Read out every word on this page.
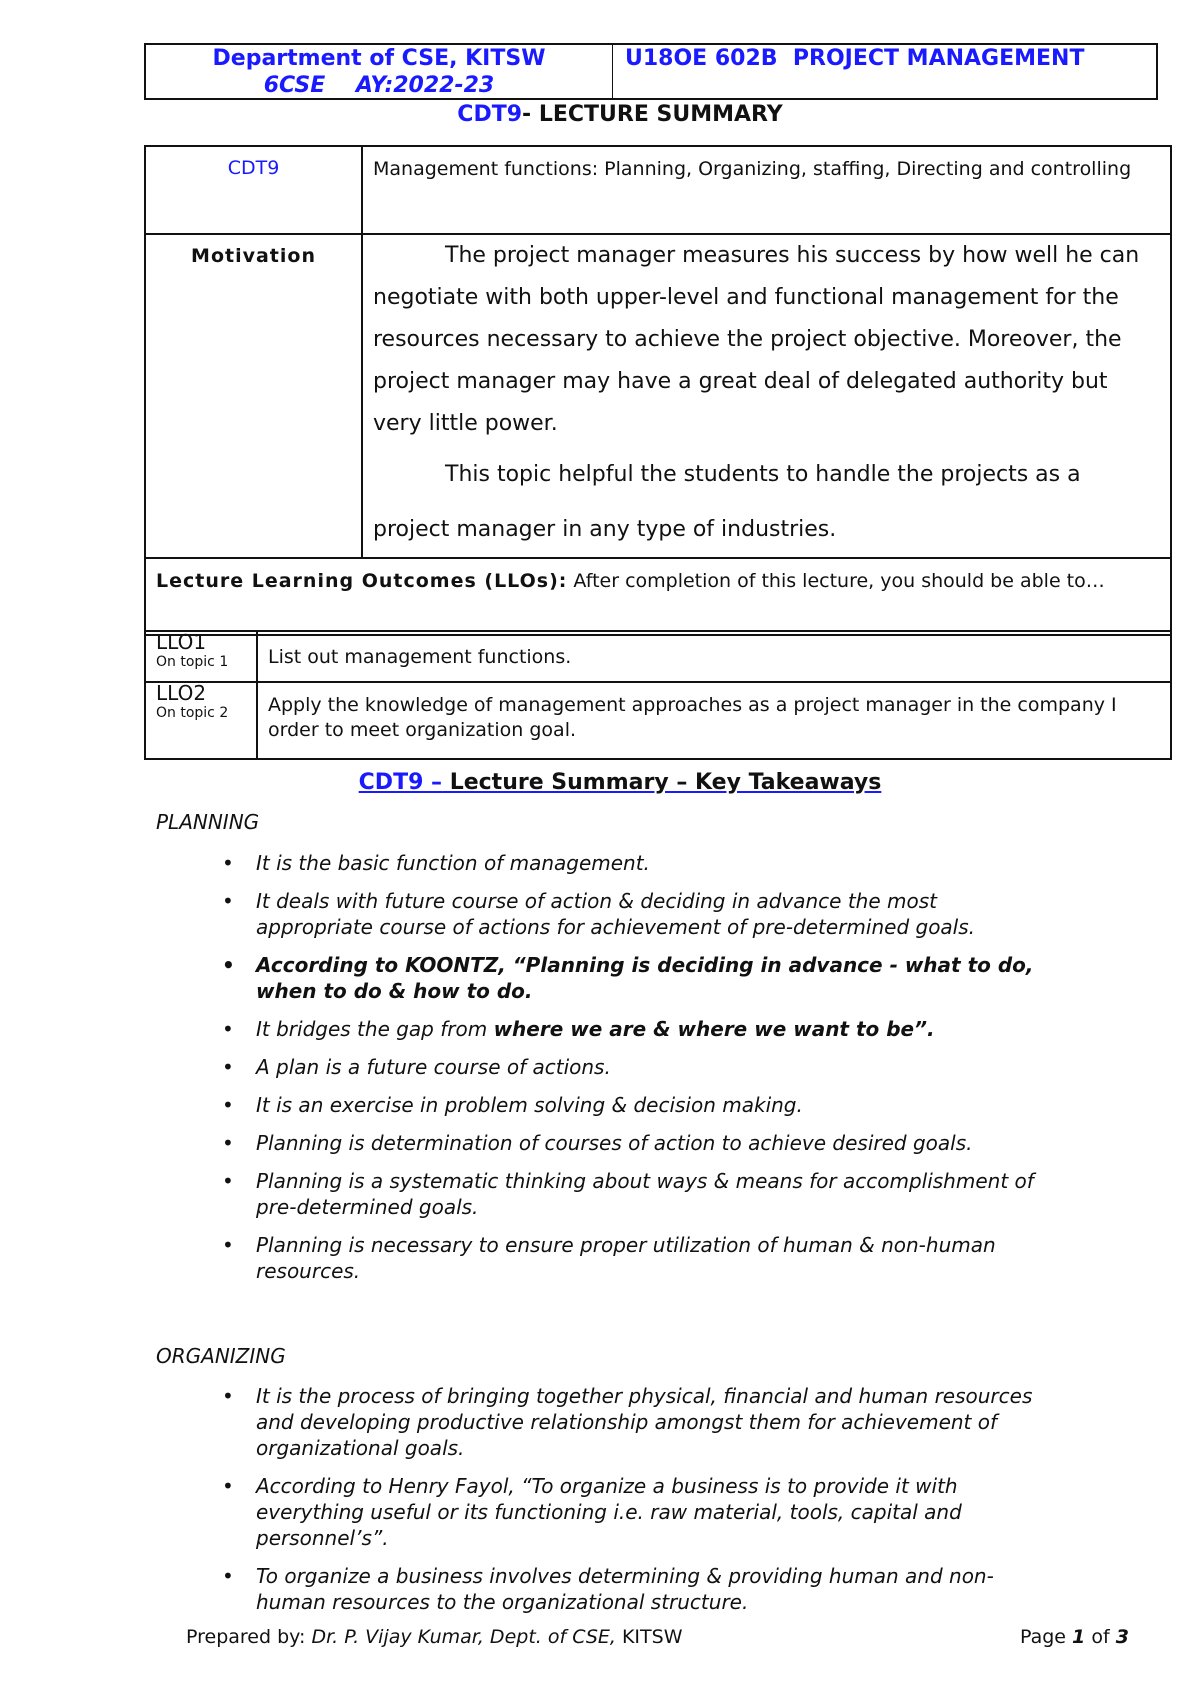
Department of CSE, KITSW
6CSE    AY:2022-23
U18OE 602B  PROJECT MANAGEMENT
CDT9- LECTURE SUMMARY
CDT9	Management functions: Planning, Organizing, staffing, Directing and controlling
Motivation	The project manager measures his success by how well he can negotiate with both upper-level and functional management for the resources necessary to achieve the project objective. Moreover, the project manager may have a great deal of delegated authority but very little power.
This topic helpful the students to handle the projects as a project manager in any type of industries.

Lecture Learning Outcomes (LLOs): After completion of this lecture, you should be able to…	
LLO1
On topic 1	List out management functions.

LLO2
On topic 2	Apply the knowledge of management approaches as a project manager in the company I order to meet organization goal.
CDT9 – Lecture Summary – Key Takeaways
PLANNING
• It is the basic function of management.
• It deals with future course of action & deciding in advance the most appropriate course of actions for achievement of pre-determined goals.
• According to KOONTZ, “Planning is deciding in advance - what to do, when to do & how to do.
• It bridges the gap from where we are & where we want to be”.
• A plan is a future course of actions.
• It is an exercise in problem solving & decision making.
• Planning is determination of courses of action to achieve desired goals.
• Planning is a systematic thinking about ways & means for accomplishment of pre-determined goals.
• Planning is necessary to ensure proper utilization of human & non-human resources.
ORGANIZING
• It is the process of bringing together physical, financial and human resources and developing productive relationship amongst them for achievement of organizational goals.
• According to Henry Fayol, “To organize a business is to provide it with everything useful or its functioning i.e. raw material, tools, capital and personnel’s”.
• To organize a business involves determining & providing human and non-human resources to the organizational structure.
Prepared by: Dr. P. Vijay Kumar, Dept. of CSE, KITSW	Page 1 of 3
